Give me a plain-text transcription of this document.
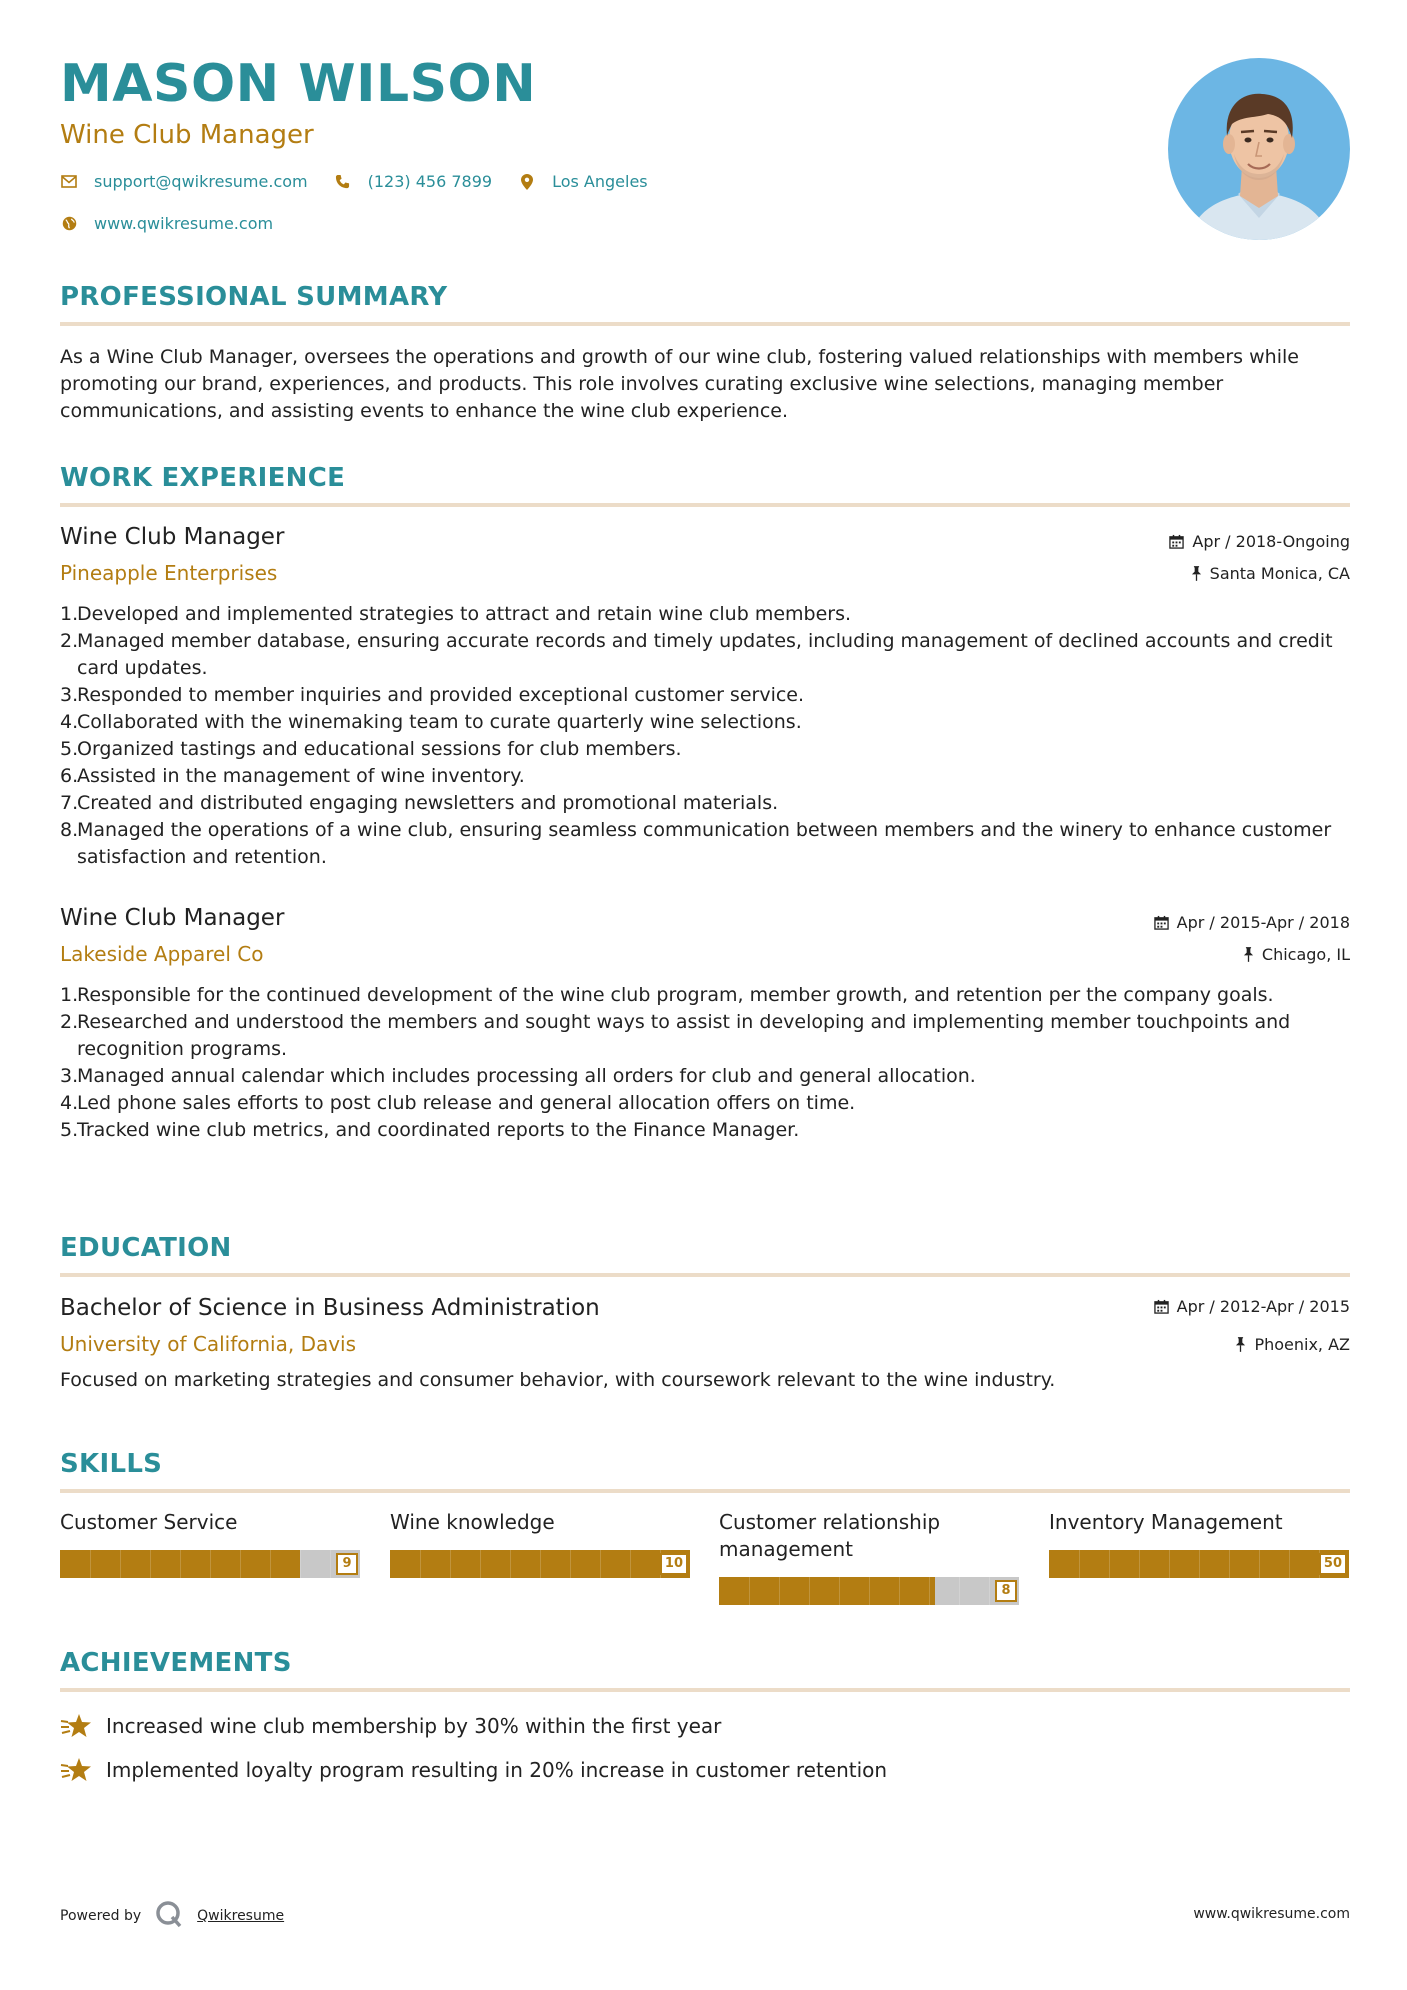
MASON WILSON
Wine Club Manager
support@qwikresume.com	(123) 456 7899	Los Angeles
www.qwikresume.com
PROFESSIONAL SUMMARY
As a Wine Club Manager, oversees the operations and growth of our wine club, fostering valued relationships with members while promoting our brand, experiences, and products. This role involves curating exclusive wine selections, managing member communications, and assisting events to enhance the wine club experience.
WORK EXPERIENCE
Wine Club Manager
Pineapple Enterprises
Apr / 2018-Ongoing
Santa Monica, CA
1.
Developed and implemented strategies to attract and retain wine club members.
2.
Managed member database, ensuring accurate records and timely updates, including management of declined accounts and credit card updates.
3.
Responded to member inquiries and provided exceptional customer service.
4.
Collaborated with the winemaking team to curate quarterly wine selections.
5.
Organized tastings and educational sessions for club members.
6.
Assisted in the management of wine inventory.
7.
Created and distributed engaging newsletters and promotional materials.
8.
Managed the operations of a wine club, ensuring seamless communication between members and the winery to enhance customer satisfaction and retention.
Wine Club Manager
Lakeside Apparel Co
Apr / 2015-Apr / 2018
Chicago, IL
1.
Responsible for the continued development of the wine club program, member growth, and retention per the company goals.
2.
Researched and understood the members and sought ways to assist in developing and implementing member touchpoints and recognition programs.
3.
Managed annual calendar which includes processing all orders for club and general allocation.
4.
Led phone sales efforts to post club release and general allocation offers on time.
5.
Tracked wine club metrics, and coordinated reports to the Finance Manager.
EDUCATION
Bachelor of Science in Business Administration
University of California, Davis
Apr / 2012-Apr / 2015
Phoenix, AZ
Focused on marketing strategies and consumer behavior, with coursework relevant to the wine industry.
SKILLS
Customer Service
9
Wine knowledge
10
Customer relationship management
8
Inventory Management
50
ACHIEVEMENTS
Increased wine club membership by 30% within the first year
Implemented loyalty program resulting in 20% increase in customer retention
Powered by	Qwikresume	www.qwikresume.com
